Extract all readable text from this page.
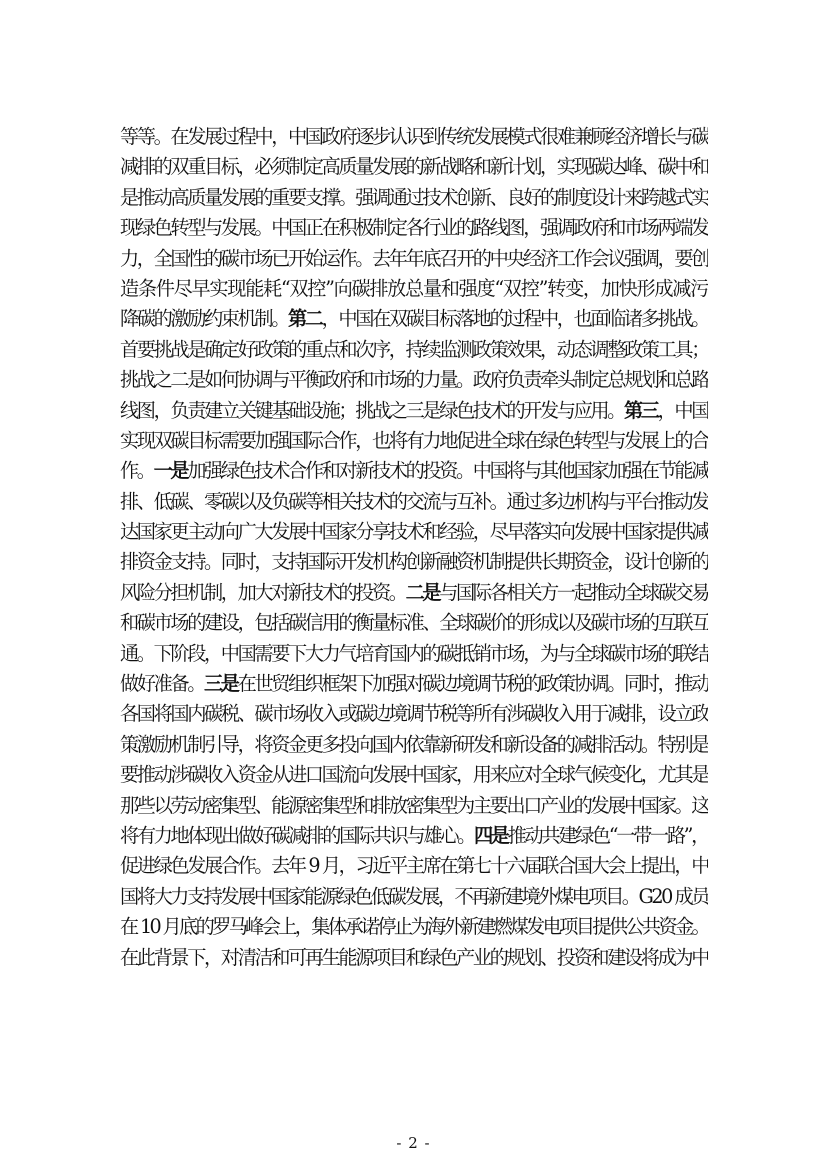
等等。在发展过程中，中国政府逐步认识到传统发展模式很难兼顾经济增长与碳
减排的双重目标，必须制定高质量发展的新战略和新计划，实现碳达峰、碳中和
是推动高质量发展的重要支撑。强调通过技术创新、良好的制度设计来跨越式实
现绿色转型与发展。中国正在积极制定各行业的路线图，强调政府和市场两端发
力，全国性的碳市场已开始运作。去年年底召开的中央经济工作会议强调，要创
造条件尽早实现能耗“双控”向碳排放总量和强度“双控”转变，加快形成减污
降碳的激励约束机制。第二，中国在双碳目标落地的过程中，也面临诸多挑战。
首要挑战是确定好政策的重点和次序，持续监测政策效果，动态调整政策工具；
挑战之二是如何协调与平衡政府和市场的力量。政府负责牵头制定总规划和总路
线图，负责建立关键基础设施；挑战之三是绿色技术的开发与应用。第三，中国
实现双碳目标需要加强国际合作，也将有力地促进全球在绿色转型与发展上的合
作。一是加强绿色技术合作和对新技术的投资。中国将与其他国家加强在节能减
排、低碳、零碳以及负碳等相关技术的交流与互补。通过多边机构与平台推动发
达国家更主动向广大发展中国家分享技术和经验，尽早落实向发展中国家提供减
排资金支持。同时，支持国际开发机构创新融资机制提供长期资金，设计创新的
风险分担机制，加大对新技术的投资。二是与国际各相关方一起推动全球碳交易
和碳市场的建设，包括碳信用的衡量标准、全球碳价的形成以及碳市场的互联互
通。下阶段，中国需要下大力气培育国内的碳抵销市场，为与全球碳市场的联结
做好准备。三是在世贸组织框架下加强对碳边境调节税的政策协调。同时，推动
各国将国内碳税、碳市场收入或碳边境调节税等所有涉碳收入用于减排，设立政
策激励机制引导，将资金更多投向国内依靠新研发和新设备的减排活动。特别是
要推动涉碳收入资金从进口国流向发展中国家，用来应对全球气候变化，尤其是
那些以劳动密集型、能源密集型和排放密集型为主要出口产业的发展中国家。这
将有力地体现出做好碳减排的国际共识与雄心。四是推动共建绿色“一带一路”，
促进绿色发展合作。去年 9 月，习近平主席在第七十六届联合国大会上提出，中
国将大力支持发展中国家能源绿色低碳发展，不再新建境外煤电项目。G20 成员
在 10 月底的罗马峰会上，集体承诺停止为海外新建燃煤发电项目提供公共资金。
在此背景下，对清洁和可再生能源项目和绿色产业的规划、投资和建设将成为中
- 2 -
